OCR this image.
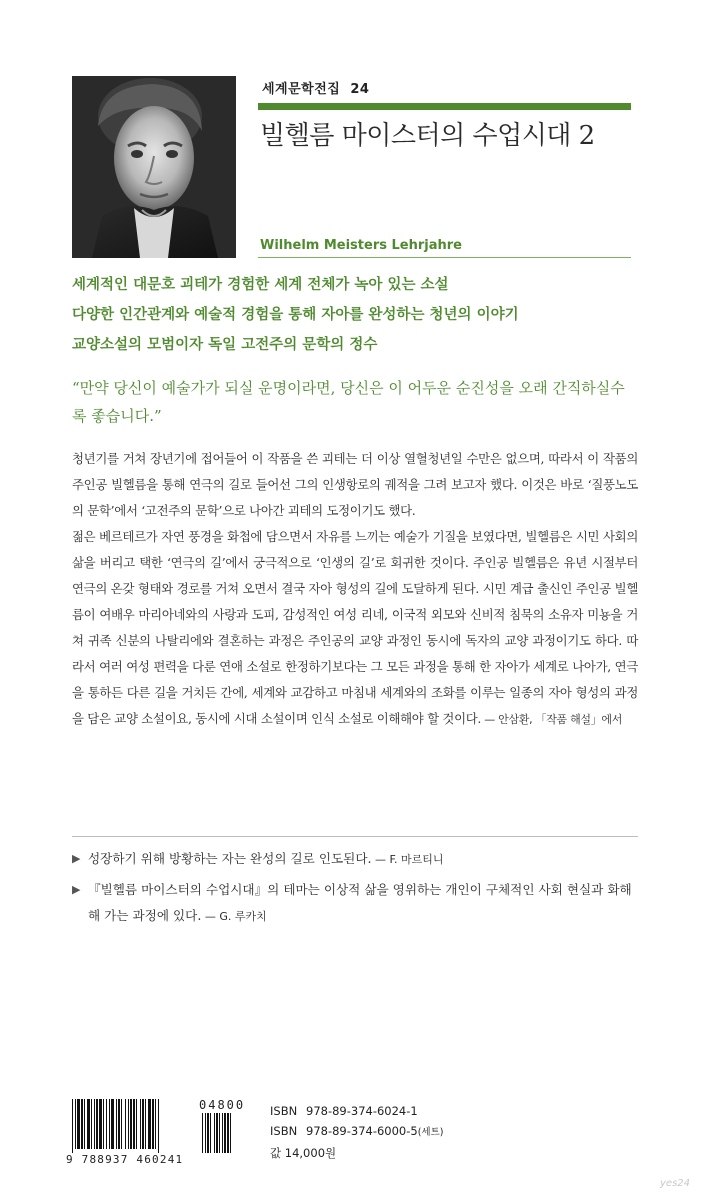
세계문학전집 24
빌헬름 마이스터의 수업시대 2
Wilhelm Meisters Lehrjahre
세계적인 대문호 괴테가 경험한 세계 전체가 녹아 있는 소설
다양한 인간관계와 예술적 경험을 통해 자아를 완성하는 청년의 이야기
교양소설의 모범이자 독일 고전주의 문학의 정수
“만약 당신이 예술가가 되실 운명이라면, 당신은 이 어두운 순진성을 오래 간직하실수록 좋습니다.”

청년기를 거쳐 장년기에 접어들어 이 작품을 쓴 괴테는 더 이상 열혈청년일 수만은 없으며, 따라서 이 작품의 주인공 빌헬름을 통해 연극의 길로 들어선 그의 인생항로의 궤적을 그려 보고자 했다. 이것은 바로 ‘질풍노도의 문학’에서 ‘고전주의 문학’으로 나아간 괴테의 도정이기도 했다.

젊은 베르테르가 자연 풍경을 화첩에 담으면서 자유를 느끼는 예술가 기질을 보였다면, 빌헬름은 시민 사회의 삶을 버리고 택한 ‘연극의 길’에서 궁극적으로 ‘인생의 길’로 회귀한 것이다. 주인공 빌헬름은 유년 시절부터 연극의 온갖 형태와 경로를 거쳐 오면서 결국 자아 형성의 길에 도달하게 된다. 시민 계급 출신인 주인공 빌헬름이 여배우 마리아네와의 사랑과 도피, 감성적인 여성 리네, 이국적 외모와 신비적 침묵의 소유자 미뇽을 거쳐 귀족 신분의 나탈리에와 결혼하는 과정은 주인공의 교양 과정인 동시에 독자의 교양 과정이기도 하다. 따라서 여러 여성 편력을 다룬 연애 소설로 한정하기보다는 그 모든 과정을 통해 한 자아가 세계로 나아가, 연극을 통하든 다른 길을 거치든 간에, 세계와 교감하고 마침내 세계와의 조화를 이루는 일종의 자아 형성의 과정을 담은 교양 소설이요, 동시에 시대 소설이며 인식 소설로 이해해야 할 것이다. — 안삼환, 「작품 해설」에서

▶ 성장하기 위해 방황하는 자는 완성의 길로 인도된다. — F. 마르티니
▶ 『빌헬름 마이스터의 수업시대』의 테마는 이상적 삶을 영위하는 개인이 구체적인 사회 현실과 화해해 가는 과정에 있다. — G. 루카치
9 788937 460241
04800 ISBN 978-89-374-6024-1
ISBN 978-89-374-6000-5(세트)
값 14,000원
yes24
